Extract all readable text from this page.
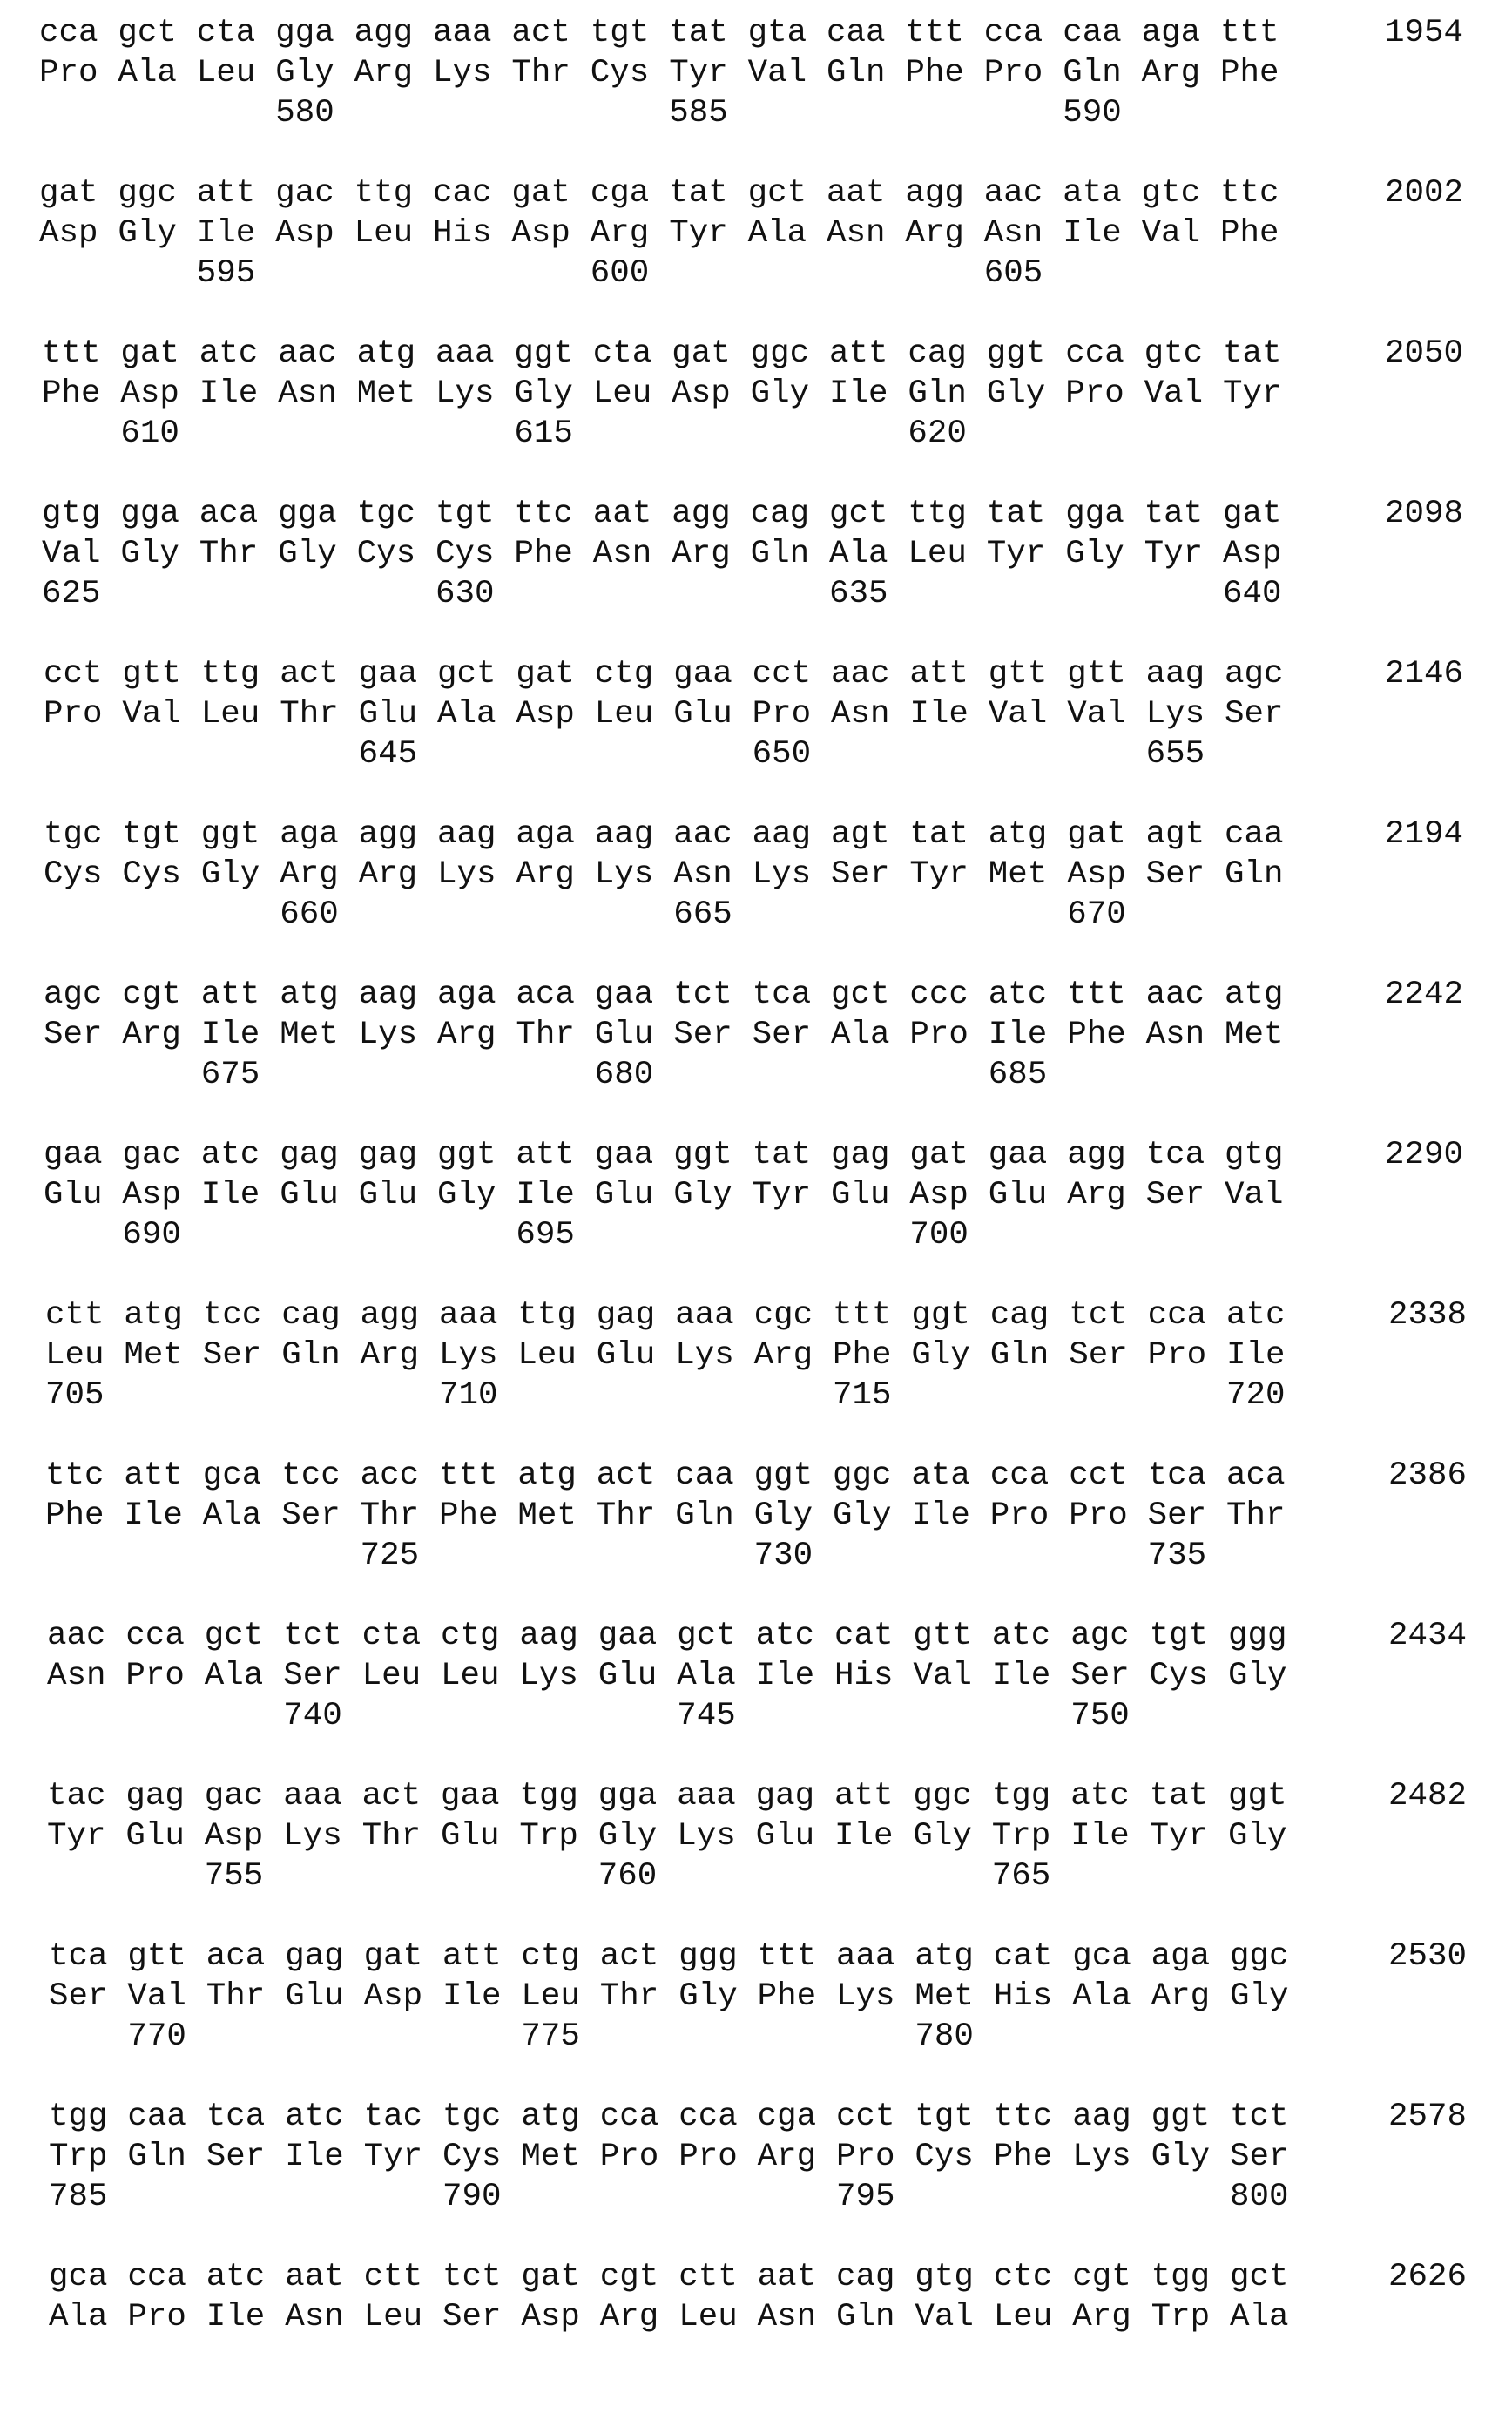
cca gct cta gga agg aaa act tgt tat gta caa ttt cca caa aga ttt	1954
Pro Ala Leu Gly Arg Lys Thr Cys Tyr Val Gln Phe Pro Gln Arg Phe
580	585	590
gat ggc att gac ttg cac gat cga tat gct aat agg aac ata gtc ttc	2002
Asp Gly Ile Asp Leu His Asp Arg Tyr Ala Asn Arg Asn Ile Val Phe
595	600	605
ttt gat atc aac atg aaa ggt cta gat ggc att cag ggt cca gtc tat	2050
Phe Asp Ile Asn Met Lys Gly Leu Asp Gly Ile Gln Gly Pro Val Tyr
610	615	620
gtg gga aca gga tgc tgt ttc aat agg cag gct ttg tat gga tat gat	2098
Val Gly Thr Gly Cys Cys Phe Asn Arg Gln Ala Leu Tyr Gly Tyr Asp
625	630	635	640
cct gtt ttg act gaa gct gat ctg gaa cct aac att gtt gtt aag agc	2146
Pro Val Leu Thr Glu Ala Asp Leu Glu Pro Asn Ile Val Val Lys Ser
645	650	655
tgc tgt ggt aga agg aag aga aag aac aag agt tat atg gat agt caa	2194
Cys Cys Gly Arg Arg Lys Arg Lys Asn Lys Ser Tyr Met Asp Ser Gln
660	665	670
agc cgt att atg aag aga aca gaa tct tca gct ccc atc ttt aac atg	2242
Ser Arg Ile Met Lys Arg Thr Glu Ser Ser Ala Pro Ile Phe Asn Met
675	680	685
gaa gac atc gag gag ggt att gaa ggt tat gag gat gaa agg tca gtg	2290
Glu Asp Ile Glu Glu Gly Ile Glu Gly Tyr Glu Asp Glu Arg Ser Val
690	695	700
ctt atg tcc cag agg aaa ttg gag aaa cgc ttt ggt cag tct cca atc	2338
Leu Met Ser Gln Arg Lys Leu Glu Lys Arg Phe Gly Gln Ser Pro Ile
705	710	715	720
ttc att gca tcc acc ttt atg act caa ggt ggc ata cca cct tca aca	2386
Phe Ile Ala Ser Thr Phe Met Thr Gln Gly Gly Ile Pro Pro Ser Thr
725	730	735
aac cca gct tct cta ctg aag gaa gct atc cat gtt atc agc tgt ggg	2434
Asn Pro Ala Ser Leu Leu Lys Glu Ala Ile His Val Ile Ser Cys Gly
740	745	750
tac gag gac aaa act gaa tgg gga aaa gag att ggc tgg atc tat ggt	2482
Tyr Glu Asp Lys Thr Glu Trp Gly Lys Glu Ile Gly Trp Ile Tyr Gly
755	760	765
tca gtt aca gag gat att ctg act ggg ttt aaa atg cat gca aga ggc	2530
Ser Val Thr Glu Asp Ile Leu Thr Gly Phe Lys Met His Ala Arg Gly
770	775	780
tgg caa tca atc tac tgc atg cca cca cga cct tgt ttc aag ggt tct	2578
Trp Gln Ser Ile Tyr Cys Met Pro Pro Arg Pro Cys Phe Lys Gly Ser
785	790	795	800
gca cca atc aat ctt tct gat cgt ctt aat cag gtg ctc cgt tgg gct	2626
Ala Pro Ile Asn Leu Ser Asp Arg Leu Asn Gln Val Leu Arg Trp Ala
